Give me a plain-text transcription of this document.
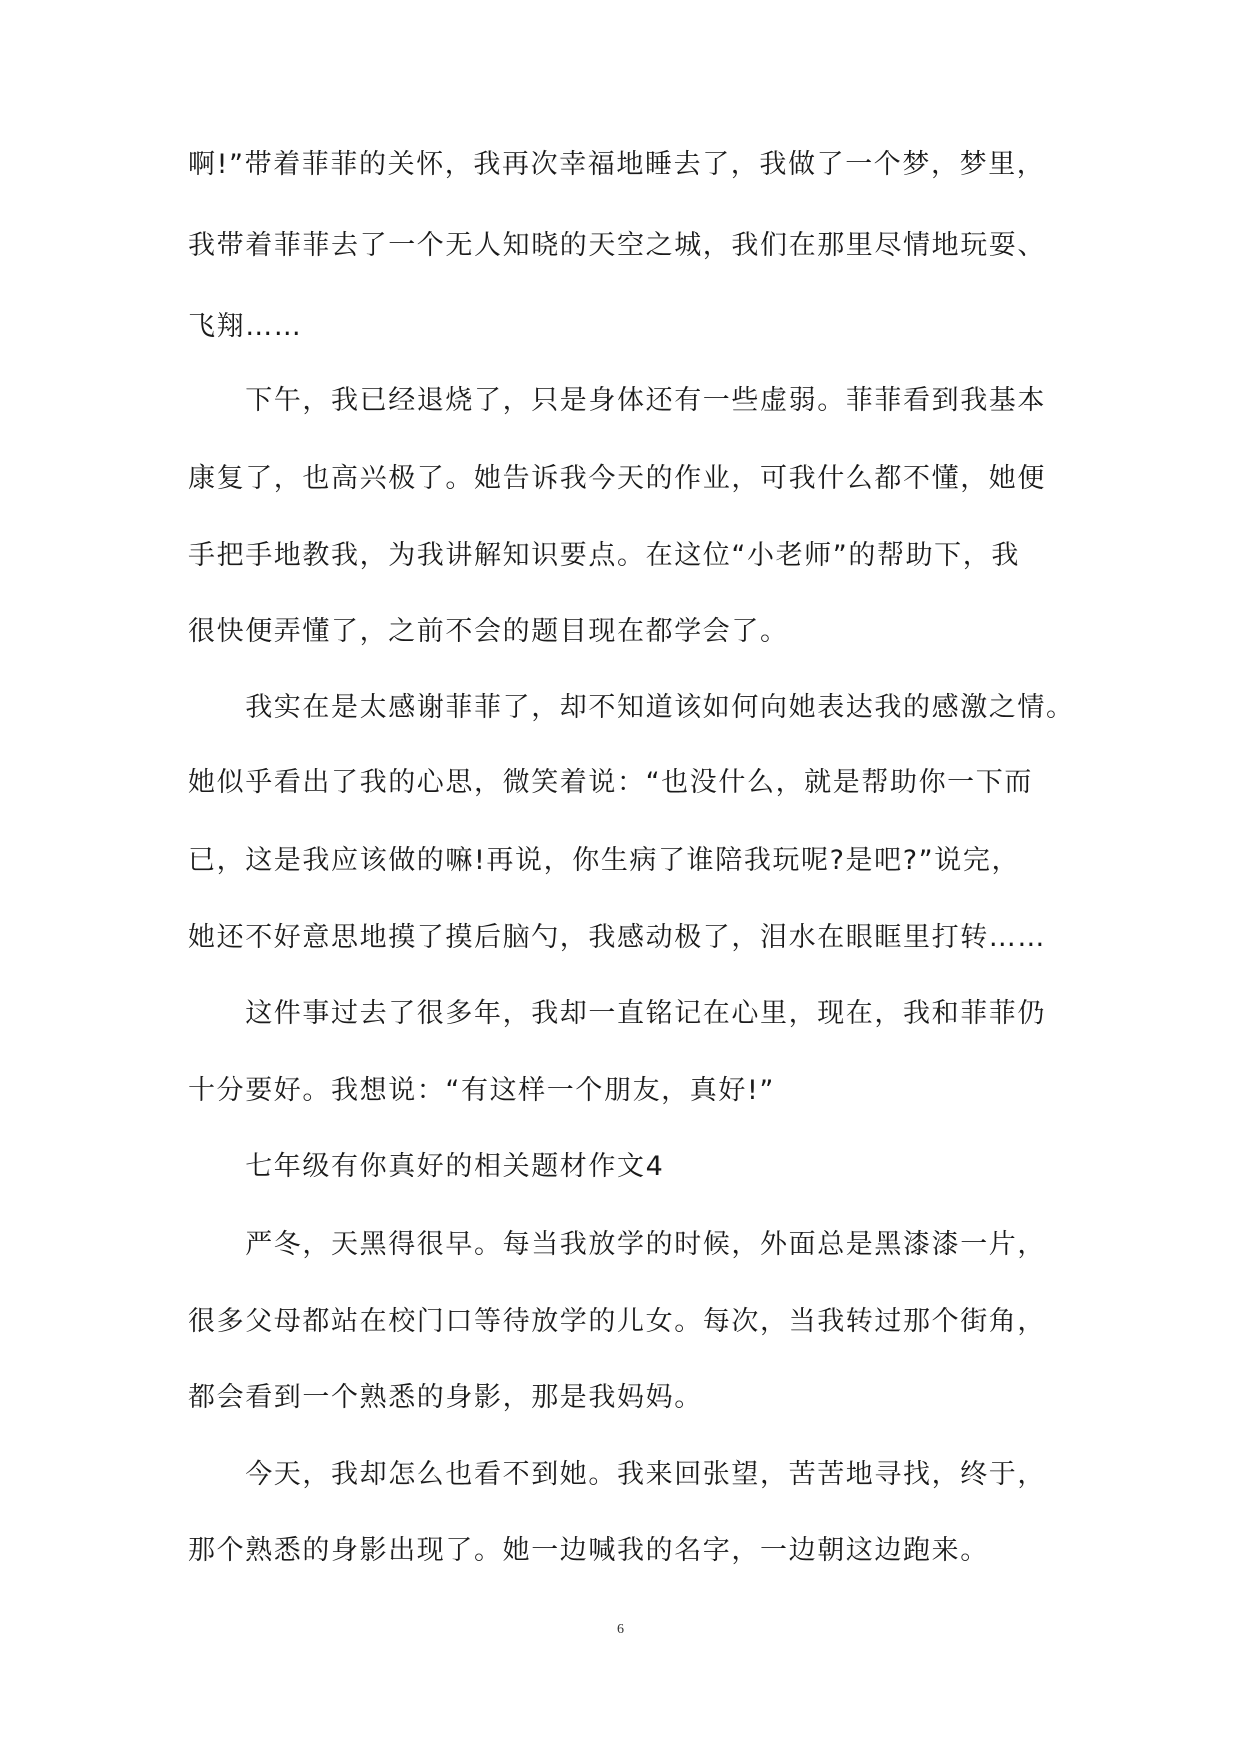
啊!”带着菲菲的关怀，我再次幸福地睡去了，我做了一个梦，梦里，
我带着菲菲去了一个无人知晓的天空之城，我们在那里尽情地玩耍、
飞翔……
　　下午，我已经退烧了，只是身体还有一些虚弱。菲菲看到我基本
康复了，也高兴极了。她告诉我今天的作业，可我什么都不懂，她便
手把手地教我，为我讲解知识要点。在这位“小老师”的帮助下，我
很快便弄懂了，之前不会的题目现在都学会了。
　　我实在是太感谢菲菲了，却不知道该如何向她表达我的感激之情。
她似乎看出了我的心思，微笑着说：“也没什么，就是帮助你一下而
已，这是我应该做的嘛!再说，你生病了谁陪我玩呢?是吧?”说完，
她还不好意思地摸了摸后脑勺，我感动极了，泪水在眼眶里打转……
　　这件事过去了很多年，我却一直铭记在心里，现在，我和菲菲仍
十分要好。我想说：“有这样一个朋友，真好!”
　　七年级有你真好的相关题材作文4
　　严冬，天黑得很早。每当我放学的时候，外面总是黑漆漆一片，
很多父母都站在校门口等待放学的儿女。每次，当我转过那个街角，
都会看到一个熟悉的身影，那是我妈妈。
　　今天，我却怎么也看不到她。我来回张望，苦苦地寻找，终于，
那个熟悉的身影出现了。她一边喊我的名字，一边朝这边跑来。
6
